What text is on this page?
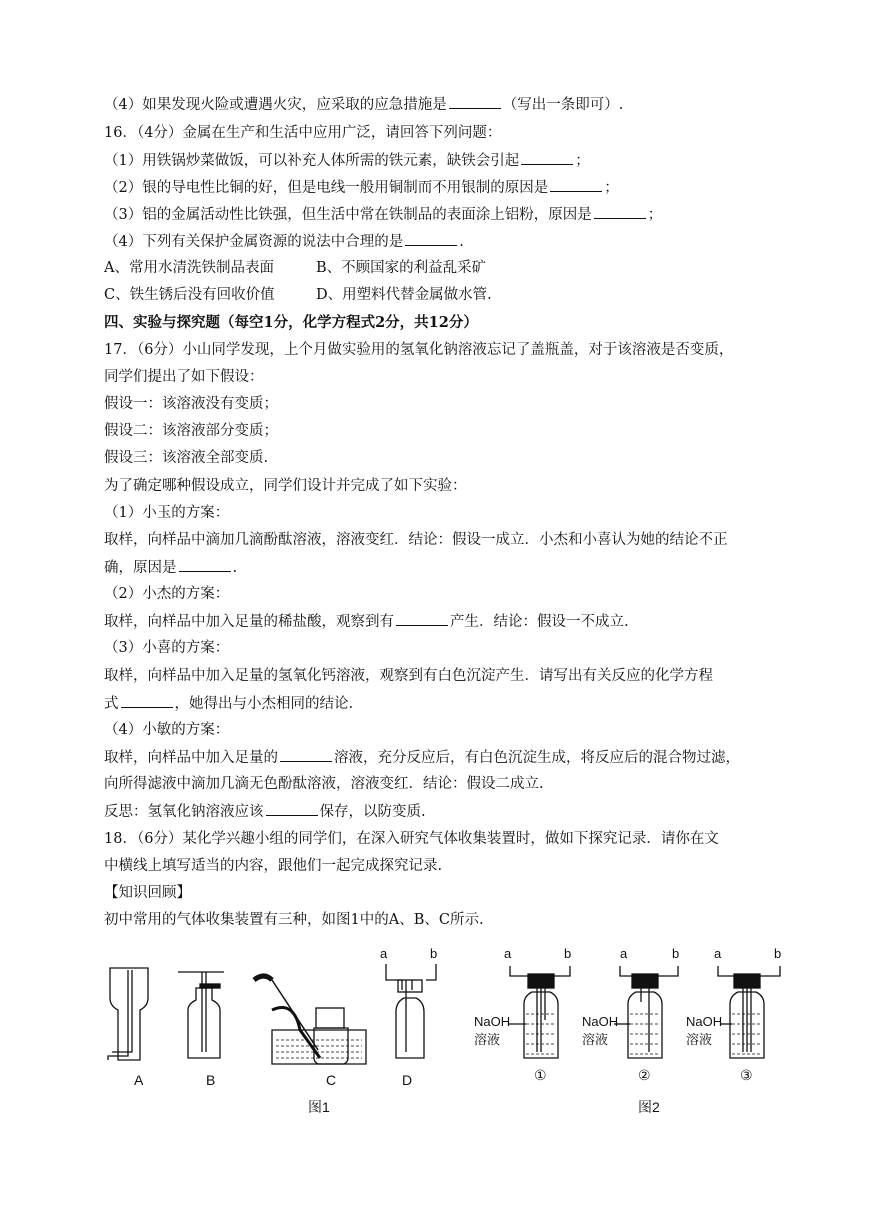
（4）如果发现火险或遭遇火灾，应采取的应急措施是	（写出一条即可）.
16．（4分）金属在生产和生活中应用广泛，请回答下列问题：
（1）用铁锅炒菜做饭，可以补充人体所需的铁元素，缺铁会引起	；
（2）银的导电性比铜的好，但是电线一般用铜制而不用银制的原因是	；
（3）铝的金属活动性比铁强，但生活中常在铁制品的表面涂上铝粉，原因是	；
（4）下列有关保护金属资源的说法中合理的是	.
A、常用水清洗铁制品表面	B、不顾国家的利益乱采矿
C、铁生锈后没有回收价值	D、用塑料代替金属做水管.
四、实验与探究题（每空1分，化学方程式2分，共12分）
17．（6分）小山同学发现，上个月做实验用的氢氧化钠溶液忘记了盖瓶盖，对于该溶液是否变质，
同学们提出了如下假设：
假设一：该溶液没有变质；
假设二：该溶液部分变质；
假设三：该溶液全部变质.
为了确定哪种假设成立，同学们设计并完成了如下实验：
（1）小玉的方案：
取样，向样品中滴加几滴酚酞溶液，溶液变红．结论：假设一成立．小杰和小喜认为她的结论不正
确，原因是	.
（2）小杰的方案：
取样，向样品中加入足量的稀盐酸，观察到有	产生．结论：假设一不成立.
（3）小喜的方案：
取样，向样品中加入足量的氢氧化钙溶液，观察到有白色沉淀产生．请写出有关反应的化学方程
式	，她得出与小杰相同的结论.
（4）小敏的方案：
取样，向样品中加入足量的	溶液，充分反应后，有白色沉淀生成，将反应后的混合物过滤，
向所得滤液中滴加几滴无色酚酞溶液，溶液变红．结论：假设二成立.
反思：氢氧化钠溶液应该	保存，以防变质.
18．（6分）某化学兴趣小组的同学们，在深入研究气体收集装置时，做如下探究记录．请你在文
中横线上填写适当的内容，跟他们一起完成探究记录.
【知识回顾】
初中常用的气体收集装置有三种，如图1中的A、B、C所示.
A	B	C
a	b
D
图1
a	b
NaOH
溶液
①
a	b
NaOH
溶液
②
a	b
NaOH
溶液
③
图2
